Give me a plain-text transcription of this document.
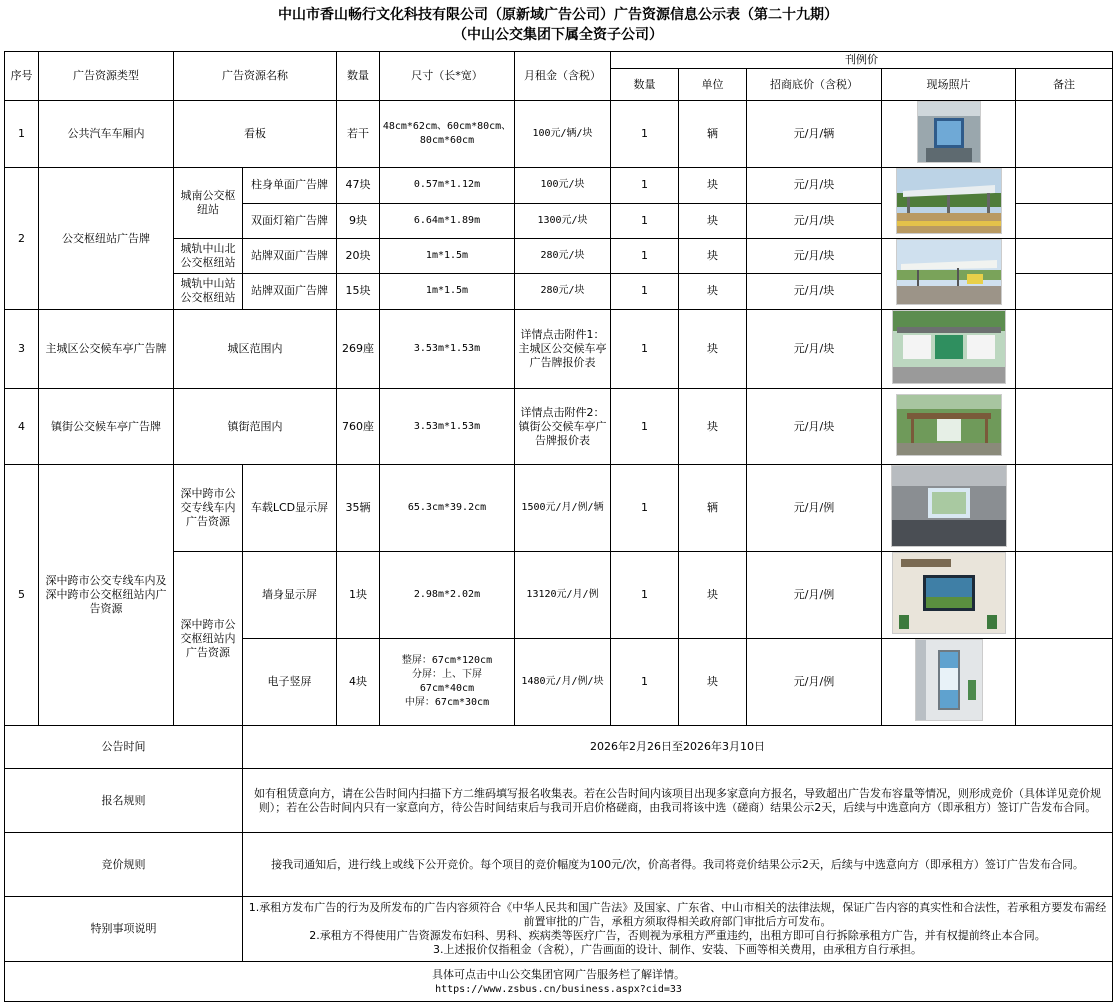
中山市香山畅行文化科技有限公司（原新域广告公司）广告资源信息公示表（第二十九期）
（中山公交集团下属全资子公司）
序号	广告资源类型	广告资源名称		数量	尺寸（长*宽）	月租金（含税）	刊例价				
							数量	单位	招商底价（含税）	现场照片	备注
1	公共汽车车厢内	看板		若干	48cm*62cm、60cm*80cm、 80cm*60cm	100元/辆/块	1	辆	元/月/辆		
2	公交枢纽站广告牌	城南公交枢纽站	柱身单面广告牌	47块	0.57m*1.12m	100元/块	1	块	元/月/块		
			双面灯箱广告牌	9块	6.64m*1.89m	1300元/块	1	块	元/月/块		
		城轨中山北公交枢纽站	站牌双面广告牌	20块	1m*1.5m	280元/块	1	块	元/月/块		
		城轨中山站公交枢纽站	站牌双面广告牌	15块	1m*1.5m	280元/块	1	块	元/月/块		
3	主城区公交候车亭广告牌	城区范围内		269座	3.53m*1.53m	详情点击附件1：主城区公交候车亭广告牌报价表	1	块	元/月/块		
4	镇街公交候车亭广告牌	镇街范围内		760座	3.53m*1.53m	详情点击附件2：镇街公交候车亭广告牌报价表	1	块	元/月/块		
5	深中跨市公交专线车内及深中跨市公交枢纽站内广告资源	深中跨市公交专线车内广告资源	车载LCD显示屏	35辆	65.3cm*39.2cm	1500元/月/例/辆	1	辆	元/月/例		
		深中跨市公交枢纽站内广告资源	墙身显示屏	1块	2.98m*2.02m	13120元/月/例	1	块	元/月/例		
			电子竖屏	4块	整屏：67cm*120cm
分屏：上、下屏
67cm*40cm
中屏：67cm*30cm	1480元/月/例/块	1	块	元/月/例		
公告时间			2026年2月26日至2026年3月10日								
报名规则			如有租赁意向方，请在公告时间内扫描下方二维码填写报名收集表。若在公告时间内该项目出现多家意向方报名，导致超出广告发布容量等情况，则形成竞价（具体详见竞价规则）；若在公告时间内只有一家意向方，待公告时间结束后与我司开启价格磋商，由我司将该中选（磋商）结果公示2天，后续与中选意向方（即承租方）签订广告发布合同。								
竞价规则			接我司通知后，进行线上或线下公开竞价。每个项目的竞价幅度为100元/次，价高者得。我司将竞价结果公示2天，后续与中选意向方（即承租方）签订广告发布合同。								
特别事项说明			1.承租方发布广告的行为及所发布的广告内容须符合《中华人民共和国广告法》及国家、广东省、中山市相关的法律法规，保证广告内容的真实性和合法性，若承租方要发布需经前置审批的广告，承租方须取得相关政府部门审批后方可发布。
2.承租方不得使用广告资源发布妇科、男科、疾病类等医疗广告，否则视为承租方严重违约，出租方即可自行拆除承租方广告，并有权提前终止本合同。
3.上述报价仅指租金（含税），广告画面的设计、制作、安装、下画等相关费用，由承租方自行承担。								

具体可点击中山公交集团官网广告服务栏了解详情。
https://www.zsbus.cn/business.aspx?cid=33											
